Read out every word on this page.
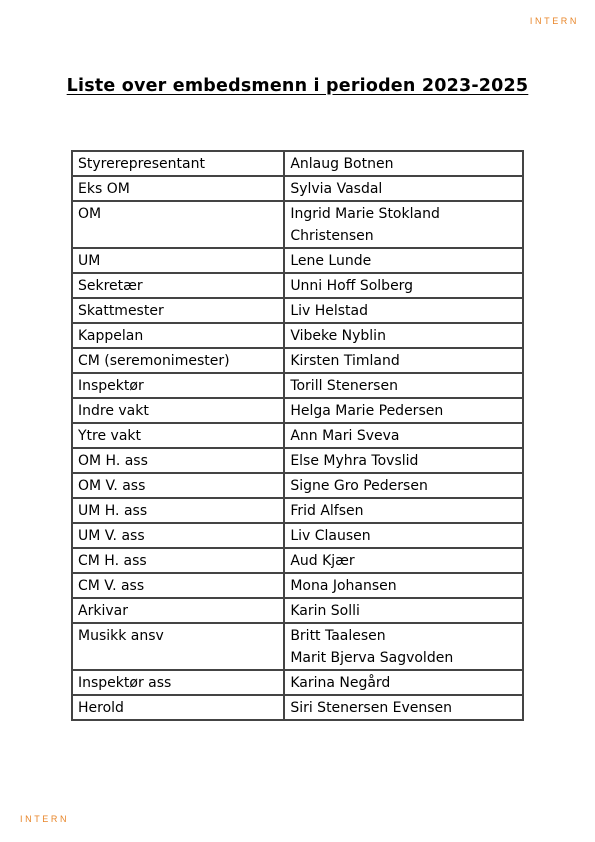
INTERN
Liste over embedsmenn i perioden 2023-2025
Styrerepresentant	Anlaug Botnen

Eks OM	Sylvia Vasdal

OM	Ingrid Marie Stokland
Christensen

UM	Lene Lunde

Sekretær	Unni Hoff Solberg

Skattmester	Liv Helstad

Kappelan	Vibeke Nyblin

CM (seremonimester)	Kirsten Timland

Inspektør	Torill Stenersen

Indre vakt	Helga Marie Pedersen

Ytre vakt	Ann Mari Sveva

OM H. ass	Else Myhra Tovslid

OM V. ass	Signe Gro Pedersen

UM H. ass	Frid Alfsen

UM V. ass	Liv Clausen

CM H. ass	Aud Kjær

CM V. ass	Mona Johansen

Arkivar	Karin Solli

Musikk ansv	Britt Taalesen
Marit Bjerva Sagvolden

Inspektør ass	Karina Negård

Herold	Siri Stenersen Evensen
INTERN
